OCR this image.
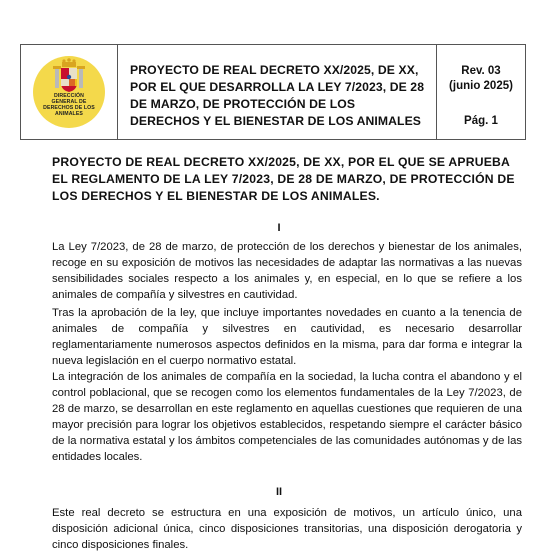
DIRECCIÓN
GENERAL DE
DERECHOS DE LOS
ANIMALES
PROYECTO DE REAL DECRETO XX/2025, DE XX, POR EL QUE DESARROLLA LA LEY 7/2023, DE 28 DE MARZO, DE PROTECCIÓN DE LOS DERECHOS Y EL BIENESTAR DE LOS ANIMALES
Rev. 03
(junio 2025)
Pág. 1
PROYECTO DE REAL DECRETO XX/2025, DE XX, POR EL QUE SE APRUEBA EL REGLAMENTO DE LA LEY 7/2023, DE 28 DE MARZO, DE PROTECCIÓN DE LOS DERECHOS Y EL BIENESTAR DE LOS ANIMALES.
I
La Ley 7/2023, de 28 de marzo, de protección de los derechos y bienestar de los animales, recoge en su exposición de motivos las necesidades de adaptar las normativas a las nuevas sensibilidades sociales respecto a los animales y, en especial, en lo que se refiere a los animales de compañía y silvestres en cautividad.
Tras la aprobación de la ley, que incluye importantes novedades en cuanto a la tenencia de animales de compañía y silvestres en cautividad, es necesario desarrollar reglamentariamente numerosos aspectos definidos en la misma, para dar forma e integrar la nueva legislación en el cuerpo normativo estatal.
La integración de los animales de compañía en la sociedad, la lucha contra el abandono y el control poblacional, que se recogen como los elementos fundamentales de la Ley 7/2023, de 28 de marzo, se desarrollan en este reglamento en aquellas cuestiones que requieren de una mayor precisión para lograr los objetivos establecidos, respetando siempre el carácter básico de la normativa estatal y los ámbitos competenciales de las comunidades autónomas y de las entidades locales.
II
Este real decreto se estructura en una exposición de motivos, un artículo único, una disposición adicional única, cinco disposiciones transitorias, una disposición derogatoria y cinco disposiciones finales.
